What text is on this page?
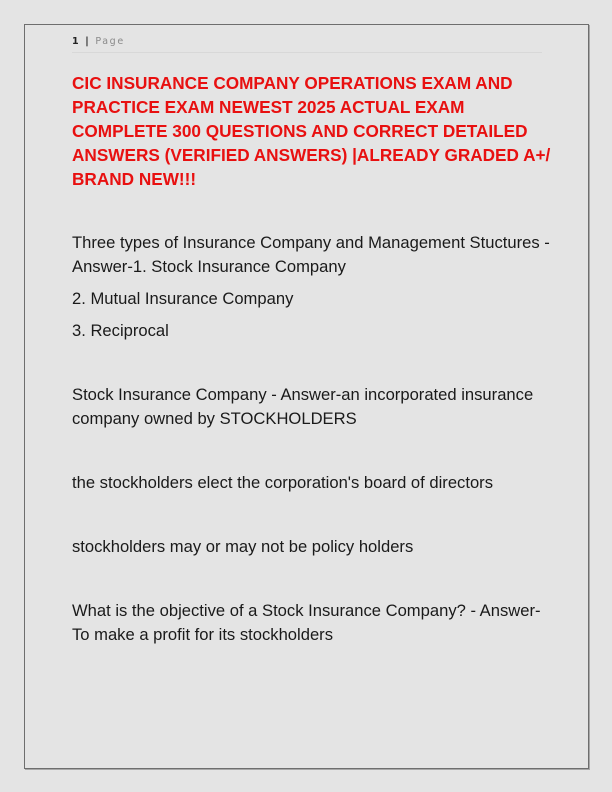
1 | Page
CIC INSURANCE COMPANY OPERATIONS EXAM AND PRACTICE EXAM NEWEST 2025 ACTUAL EXAM COMPLETE 300 QUESTIONS AND CORRECT DETAILED ANSWERS (VERIFIED ANSWERS) |ALREADY GRADED A+/ BRAND NEW!!!

Three types of Insurance Company and Management Stuctures - Answer-1. Stock Insurance Company

2. Mutual Insurance Company

3. Reciprocal

Stock Insurance Company - Answer-an incorporated insurance company owned by STOCKHOLDERS

the stockholders elect the corporation's board of directors

stockholders may or may not be policy holders

What is the objective of a Stock Insurance Company? - Answer-To make a profit for its stockholders
